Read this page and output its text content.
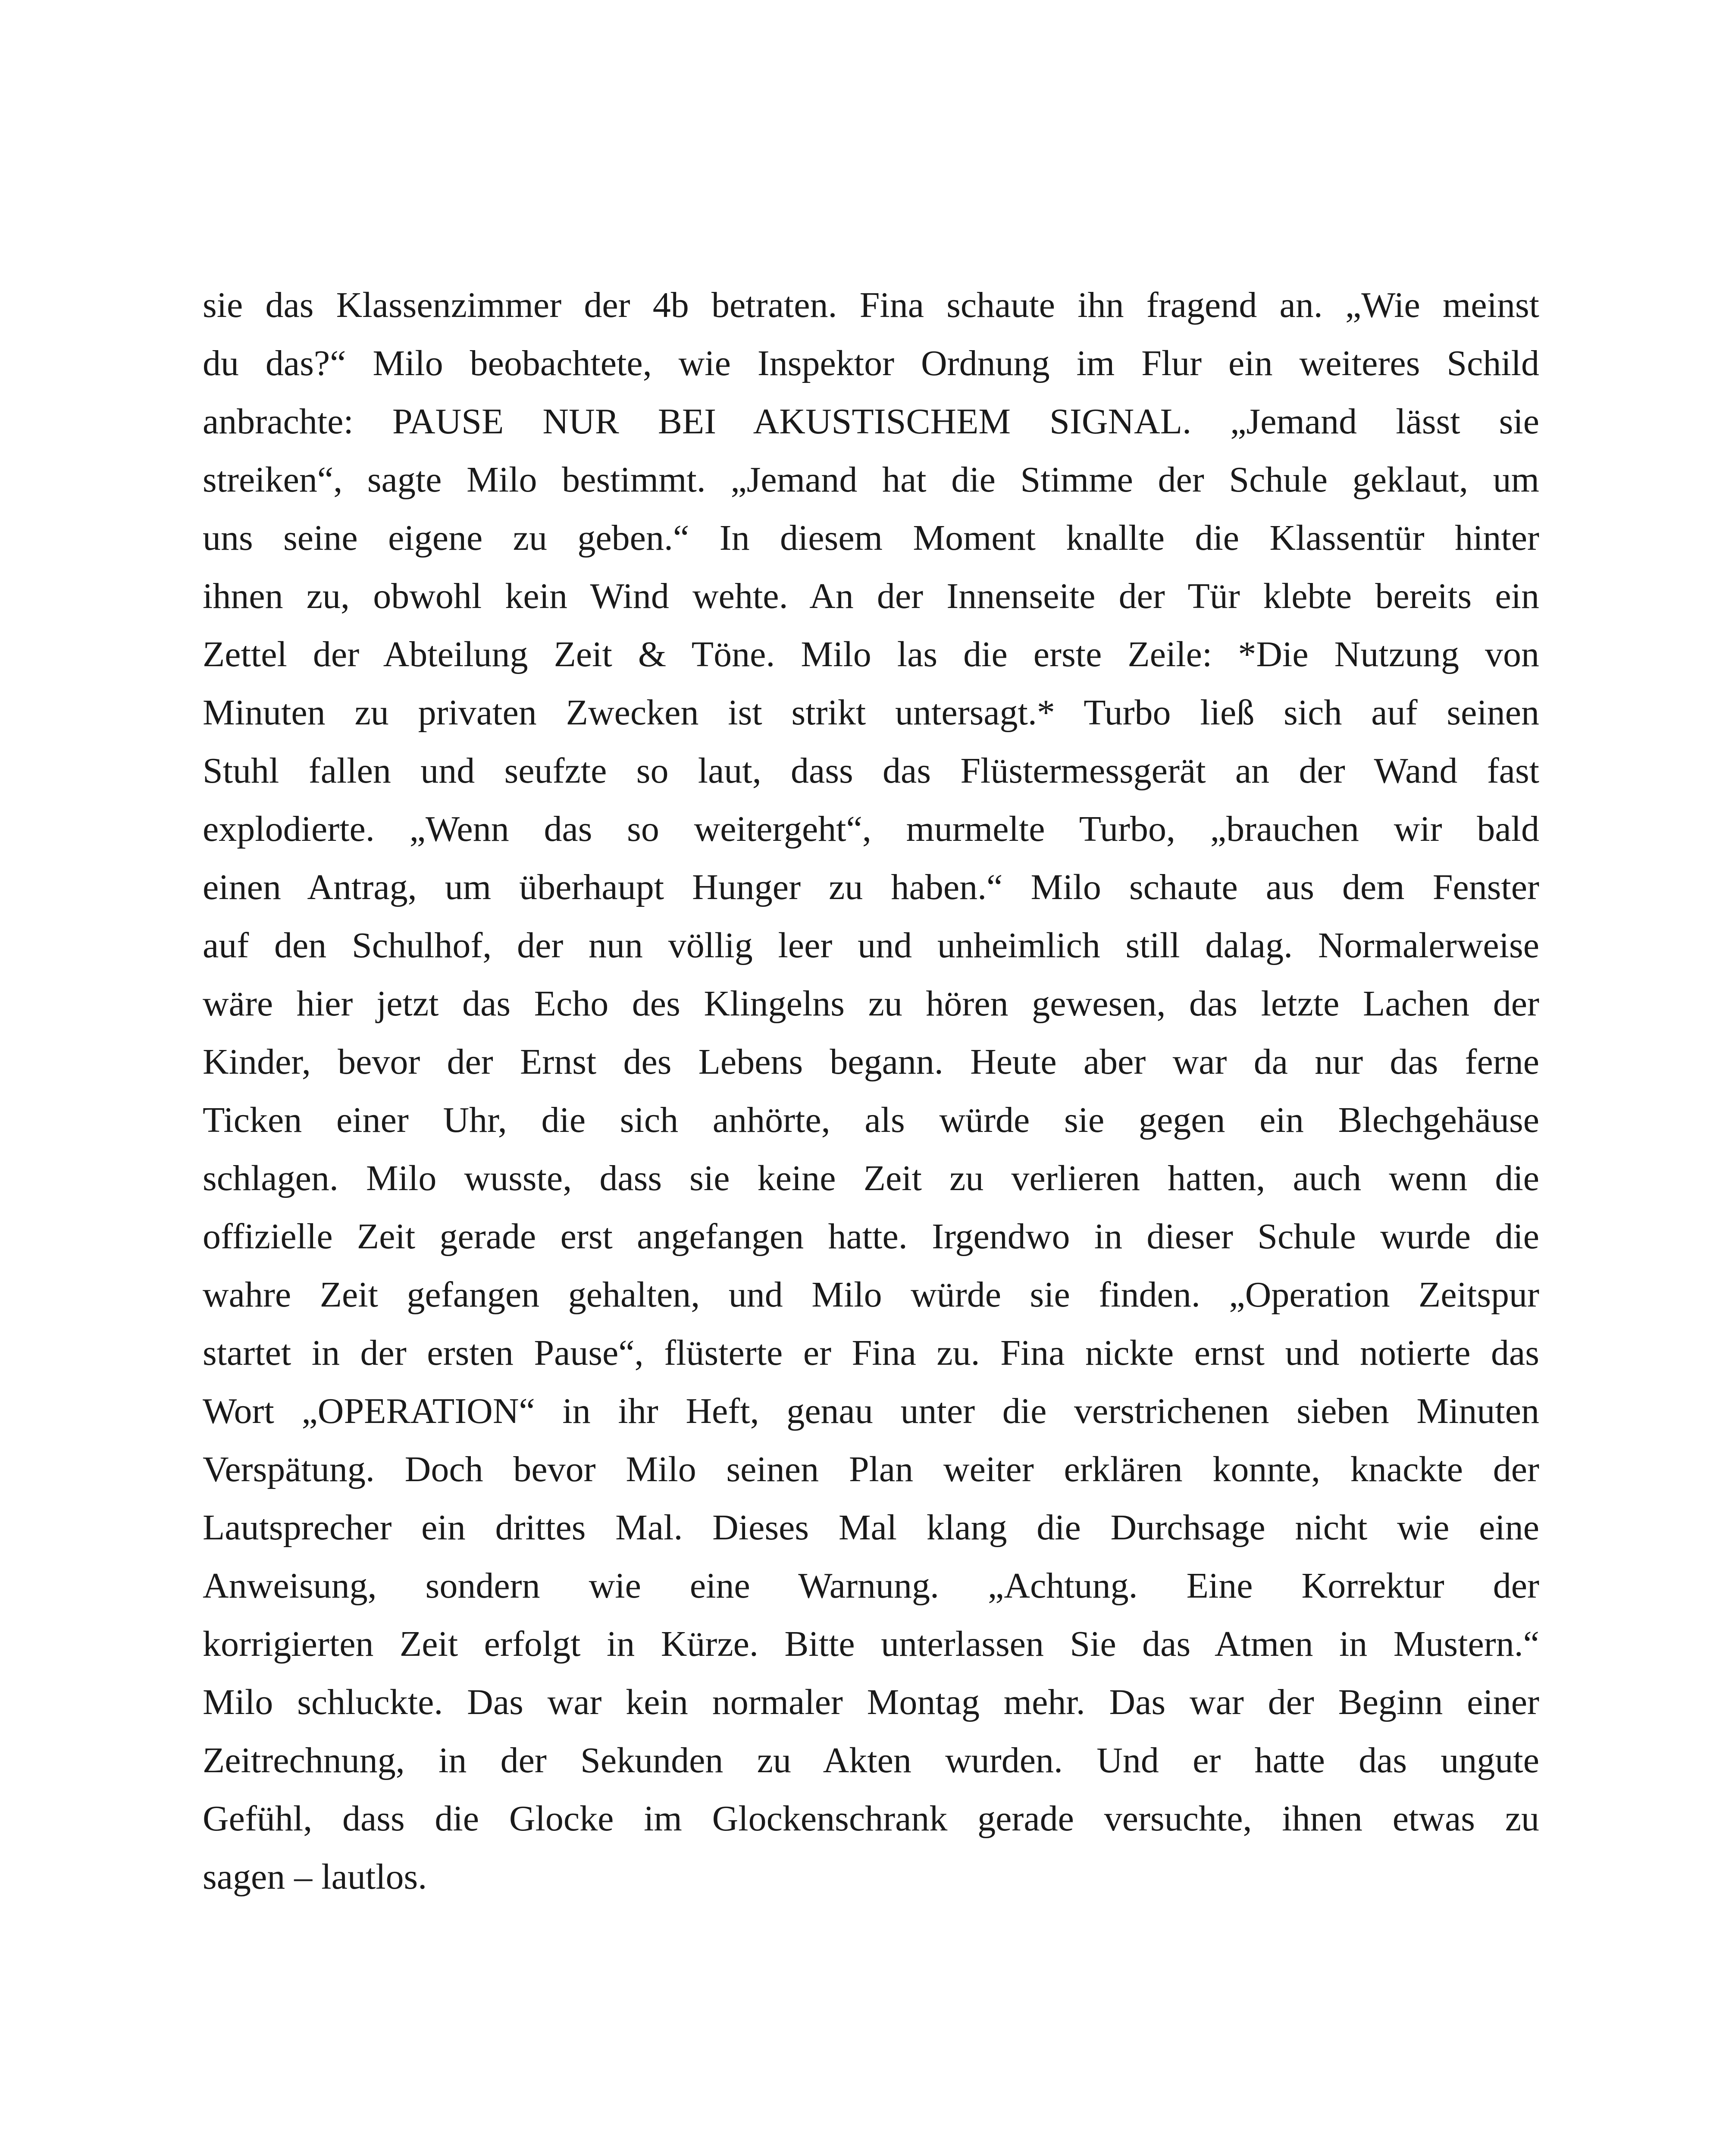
sie das Klassenzimmer der 4b betraten. Fina schaute ihn fragend an. „Wie meinst
du das?“ Milo beobachtete, wie Inspektor Ordnung im Flur ein weiteres Schild
anbrachte: PAUSE NUR BEI AKUSTISCHEM SIGNAL. „Jemand lässt sie
streiken“, sagte Milo bestimmt. „Jemand hat die Stimme der Schule geklaut, um
uns seine eigene zu geben.“ In diesem Moment knallte die Klassentür hinter
ihnen zu, obwohl kein Wind wehte. An der Innenseite der Tür klebte bereits ein
Zettel der Abteilung Zeit & Töne. Milo las die erste Zeile: *Die Nutzung von
Minuten zu privaten Zwecken ist strikt untersagt.* Turbo ließ sich auf seinen
Stuhl fallen und seufzte so laut, dass das Flüstermessgerät an der Wand fast
explodierte. „Wenn das so weitergeht“, murmelte Turbo, „brauchen wir bald
einen Antrag, um überhaupt Hunger zu haben.“ Milo schaute aus dem Fenster
auf den Schulhof, der nun völlig leer und unheimlich still dalag. Normalerweise
wäre hier jetzt das Echo des Klingelns zu hören gewesen, das letzte Lachen der
Kinder, bevor der Ernst des Lebens begann. Heute aber war da nur das ferne
Ticken einer Uhr, die sich anhörte, als würde sie gegen ein Blechgehäuse
schlagen. Milo wusste, dass sie keine Zeit zu verlieren hatten, auch wenn die
offizielle Zeit gerade erst angefangen hatte. Irgendwo in dieser Schule wurde die
wahre Zeit gefangen gehalten, und Milo würde sie finden. „Operation Zeitspur
startet in der ersten Pause“, flüsterte er Fina zu. Fina nickte ernst und notierte das
Wort „OPERATION“ in ihr Heft, genau unter die verstrichenen sieben Minuten
Verspätung. Doch bevor Milo seinen Plan weiter erklären konnte, knackte der
Lautsprecher ein drittes Mal. Dieses Mal klang die Durchsage nicht wie eine
Anweisung, sondern wie eine Warnung. „Achtung. Eine Korrektur der
korrigierten Zeit erfolgt in Kürze. Bitte unterlassen Sie das Atmen in Mustern.“
Milo schluckte. Das war kein normaler Montag mehr. Das war der Beginn einer
Zeitrechnung, in der Sekunden zu Akten wurden. Und er hatte das ungute
Gefühl, dass die Glocke im Glockenschrank gerade versuchte, ihnen etwas zu
sagen – lautlos.
